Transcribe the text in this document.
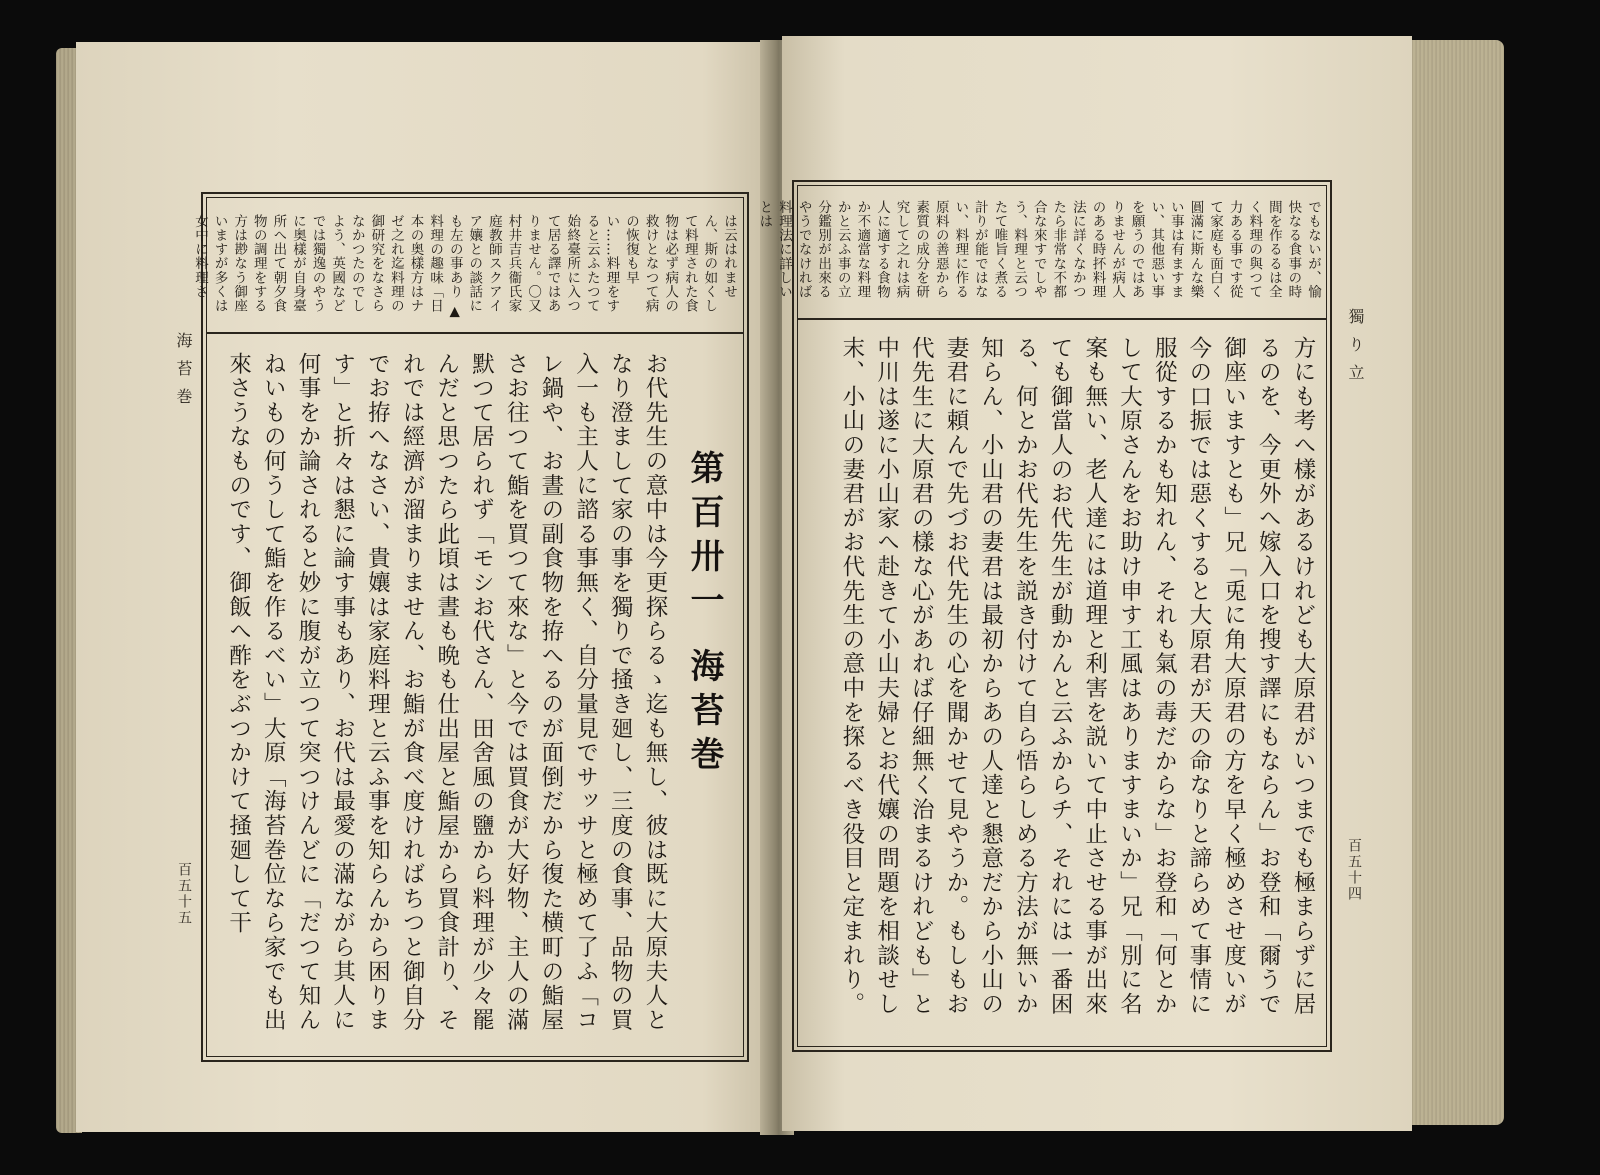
海苔巻
百五十五
は云はれません、斯の如くして料理された食物は必ず病人の救けとなつて病の恢復も早い……料理をすると云ふたつて始終臺所に入つて居る譯ではありません。〇又村井吉兵衞氏家庭教師スクアイア孃との談話にも左の事あり ▲料理の趣味「日本の奥樣方はナゼ之れ迄料理の御研究をなさらなかつたのでしよう、英國などでは獨逸のやうに奥樣が自身臺所へ出て朝夕食物の調理をする方は尠なう御座いますが多くは女中に料理さ
第百卅一 海苔巻
お代先生の意中は今更探らるゝ迄も無し、彼は既に大原夫人となり澄まして家の事を獨りで掻き廻し、三度の食事、品物の買入一も主人に諮る事無く、自分量見でサッサと極めて了ふ「コレ鍋や、お晝の副食物を拵へるのが面倒だから復た横町の鮨屋さお往つて鮨を買つて來な」と今では買食が大好物、主人の滿默つて居られず「モシお代さん、田舍風の鹽から料理が少々罷んだと思つたら此頃は晝も晩も仕出屋と鮨屋から買食計り、それでは經濟が溜まりません、お鮨が食べ度ければちつと御自分でお拵へなさい、貴孃は家庭料理と云ふ事を知らんから困ります」と折々は懇に論す事もあり、お代は最愛の滿ながら其人に何事をか論されると妙に腹が立つて突つけんどに「だつて知んねいもの何うして鮨を作るべい」大原「海苔巻位なら家でも出來さうなものです、御飯へ酢をぶつかけて掻廻して干
獨り立
百五十四
でもないが、愉快なる食事の時間を作るるは全く料理の與つて力ある事です從て家庭も面白く圓滿に斯んな樂い事は有ますまい、其他惡い事を願うのではありませんが病人のある時抔料理法に詳くなかつたら非常な不都合な來すでしやう、料理と云つたて唯旨く煮る計りが能ではない、料理に作る原料の善惡から素質の成分を研究して之れは病人に適する食物か不適當な料理かと云ふ事の立分鑑別が出來るやうでなければ料理法に詳しいとは
方にも考へ樣があるけれども大原君がいつまでも極まらずに居るのを、今更外へ嫁入口を搜す譯にもならん」お登和「爾うで御座いますとも」兄「兎に角大原君の方を早く極めさせ度いが今の口振では惡くすると大原君が天の命なりと諦らめて事情に服從するかも知れん、それも氣の毒だからな」お登和「何とかして大原さんをお助け申す工風はありますまいか」兄「別に名案も無い、老人達には道理と利害を説いて中止させる事が出來ても御當人のお代先生が動かんと云ふからチ、それには一番困る、何とかお代先生を説き付けて自ら悟らしめる方法が無いか知らん、小山君の妻君は最初からあの人達と懇意だから小山の妻君に頼んで先づお代先生の心を聞かせて見やうか。もしもお代先生に大原君の樣な心があれば仔細無く治まるけれども」と中川は遂に小山家へ赴きて小山夫婦とお代孃の問題を相談せし末、小山の妻君がお代先生の意中を探るべき役目と定まれり。
